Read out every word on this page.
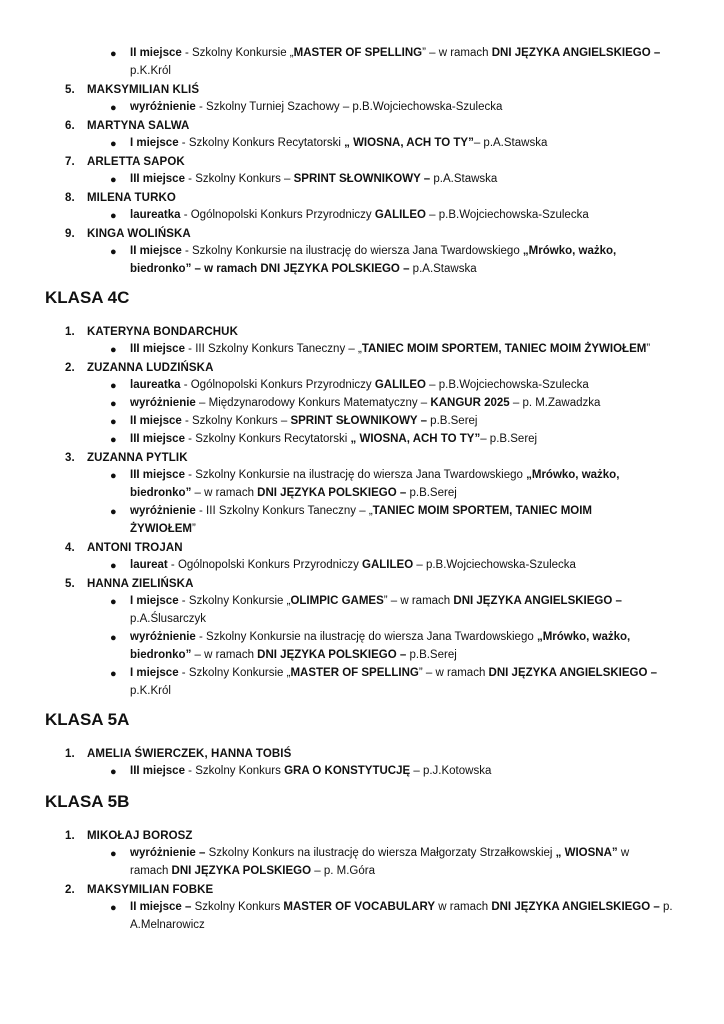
●	II miejsce - Szkolny Konkursie „MASTER OF SPELLING” – w ramach DNI JĘZYKA ANGIELSKIEGO –
p.K.Król
5. MAKSYMILIAN KLIŚ
●	wyróżnienie - Szkolny Turniej Szachowy – p.B.Wojciechowska-Szulecka
6. MARTYNA SALWA
●	I miejsce - Szkolny Konkurs Recytatorski „ WIOSNA, ACH TO TY”– p.A.Stawska
7. ARLETTA SAPOK
●	III miejsce - Szkolny Konkurs – SPRINT SŁOWNIKOWY – p.A.Stawska
8. MILENA TURKO
●	laureatka - Ogólnopolski Konkurs Przyrodniczy GALILEO – p.B.Wojciechowska-Szulecka
9. KINGA WOLIŃSKA
●	II miejsce - Szkolny Konkursie na ilustrację do wiersza Jana Twardowskiego „Mrówko, ważko,
biedronko” – w ramach DNI JĘZYKA POLSKIEGO – p.A.Stawska
KLASA 4C
1. KATERYNA BONDARCHUK
●	III miejsce - III Szkolny Konkurs Taneczny – „TANIEC MOIM SPORTEM, TANIEC MOIM ŻYWIOŁEM”
2. ZUZANNA LUDZIŃSKA
●	laureatka - Ogólnopolski Konkurs Przyrodniczy GALILEO – p.B.Wojciechowska-Szulecka
●	wyróżnienie – Międzynarodowy Konkurs Matematyczny – KANGUR 2025 – p. M.Zawadzka
●	II miejsce - Szkolny Konkurs – SPRINT SŁOWNIKOWY – p.B.Serej
●	III miejsce - Szkolny Konkurs Recytatorski „ WIOSNA, ACH TO TY”– p.B.Serej
3. ZUZANNA PYTLIK
●	III miejsce - Szkolny Konkursie na ilustrację do wiersza Jana Twardowskiego „Mrówko, ważko,
biedronko” – w ramach DNI JĘZYKA POLSKIEGO – p.B.Serej
●	wyróżnienie - III Szkolny Konkurs Taneczny – „TANIEC MOIM SPORTEM, TANIEC MOIM
ŻYWIOŁEM”
4. ANTONI TROJAN
●	laureat - Ogólnopolski Konkurs Przyrodniczy GALILEO – p.B.Wojciechowska-Szulecka
5. HANNA ZIELIŃSKA
●	I miejsce - Szkolny Konkursie „OLIMPIC GAMES” – w ramach DNI JĘZYKA ANGIELSKIEGO –
p.A.Ślusarczyk
●	wyróżnienie - Szkolny Konkursie na ilustrację do wiersza Jana Twardowskiego „Mrówko, ważko,
biedronko” – w ramach DNI JĘZYKA POLSKIEGO – p.B.Serej
●	I miejsce - Szkolny Konkursie „MASTER OF SPELLING” – w ramach DNI JĘZYKA ANGIELSKIEGO –
p.K.Król
KLASA 5A
1. AMELIA ŚWIERCZEK, HANNA TOBIŚ
●	III miejsce - Szkolny Konkurs GRA O KONSTYTUCJĘ – p.J.Kotowska
KLASA 5B
1. MIKOŁAJ BOROSZ
●	wyróżnienie – Szkolny Konkurs na ilustrację do wiersza Małgorzaty Strzałkowskiej „ WIOSNA” w
ramach DNI JĘZYKA POLSKIEGO – p. M.Góra
2. MAKSYMILIAN FOBKE
●	II miejsce – Szkolny Konkurs MASTER OF VOCABULARY w ramach DNI JĘZYKA ANGIELSKIEGO – p.
A.Melnarowicz
